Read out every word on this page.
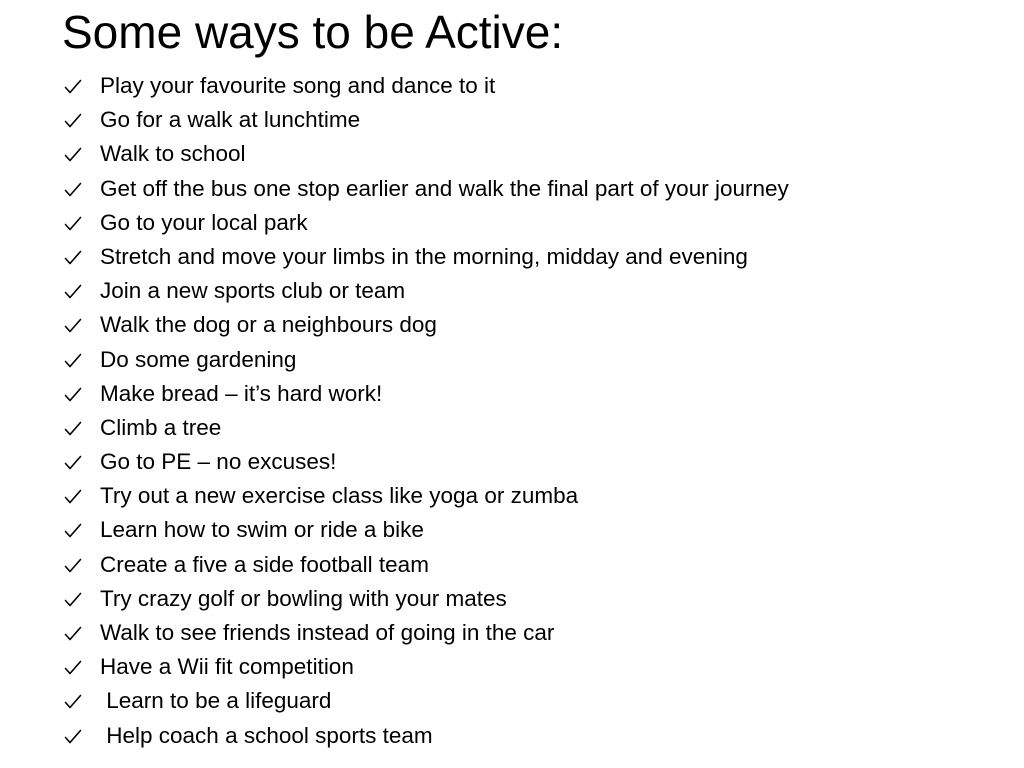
Some ways to be Active:
Play your favourite song and dance to it
Go for a walk at lunchtime
Walk to school
Get off the bus one stop earlier and walk the final part of your journey
Go to your local park
Stretch and move your limbs in the morning, midday and evening
Join a new sports club or team
Walk the dog or a neighbours dog
Do some gardening
Make bread – it’s hard work!
Climb a tree
Go to PE – no excuses!
Try out a new exercise class like yoga or zumba
Learn how to swim or ride a bike
Create a five a side football team
Try crazy golf or bowling with your mates
Walk to see friends instead of going in the car
Have a Wii fit competition
Learn to be a lifeguard
Help coach a school sports team
